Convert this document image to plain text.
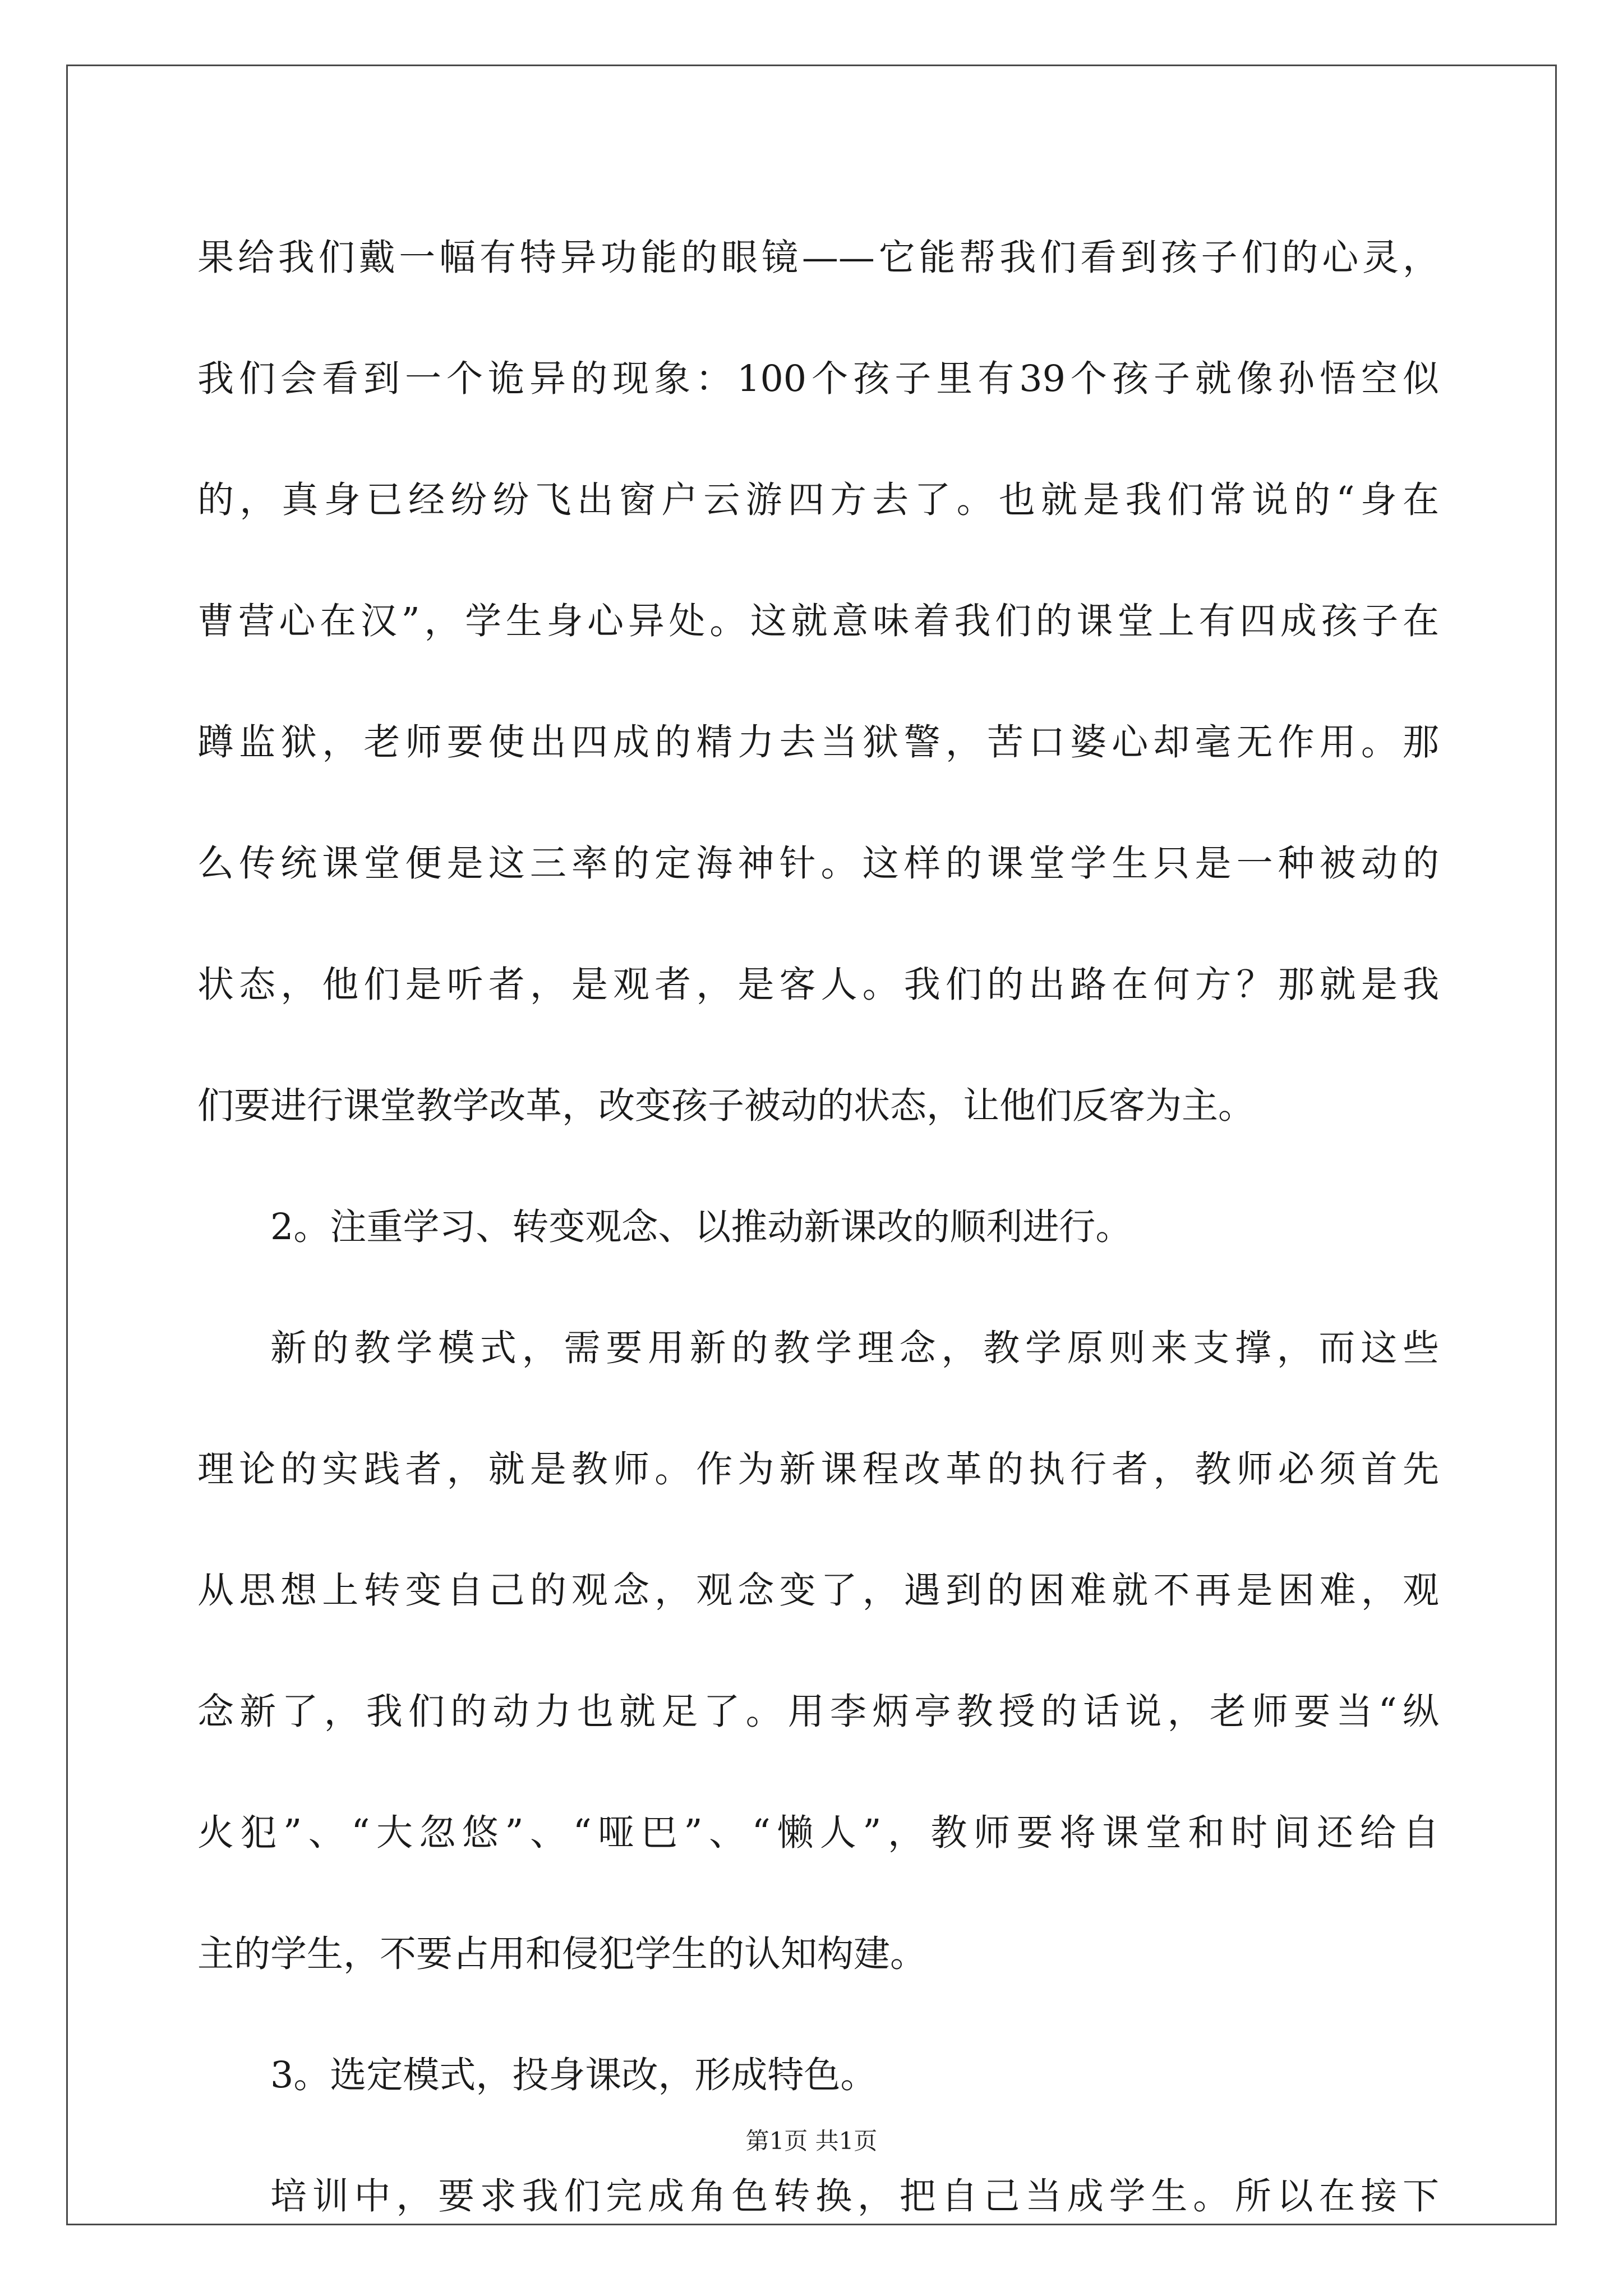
果给我们戴一幅有特异功能的眼镜——它能帮我们看到孩子们的心灵，
我们会看到一个诡异的现象：100个孩子里有39个孩子就像孙悟空似
的，真身已经纷纷飞出窗户云游四方去了。也就是我们常说的“身在
曹营心在汉”，学生身心异处。这就意味着我们的课堂上有四成孩子在
蹲监狱，老师要使出四成的精力去当狱警，苦口婆心却毫无作用。那
么传统课堂便是这三率的定海神针。这样的课堂学生只是一种被动的
状态，他们是听者，是观者，是客人。我们的出路在何方？那就是我
们要进行课堂教学改革，改变孩子被动的状态，让他们反客为主。
2。注重学习、转变观念、以推动新课改的顺利进行。
新的教学模式，需要用新的教学理念，教学原则来支撑，而这些
理论的实践者，就是教师。作为新课程改革的执行者，教师必须首先
从思想上转变自己的观念，观念变了，遇到的困难就不再是困难，观
念新了，我们的动力也就足了。用李炳亭教授的话说，老师要当“纵
火犯”、“大忽悠”、“哑巴”、“懒人”，教师要将课堂和时间还给自
主的学生，不要占用和侵犯学生的认知构建。
3。选定模式，投身课改，形成特色。
培训中，要求我们完成角色转换，把自己当成学生。所以在接下
第1页 共1页
